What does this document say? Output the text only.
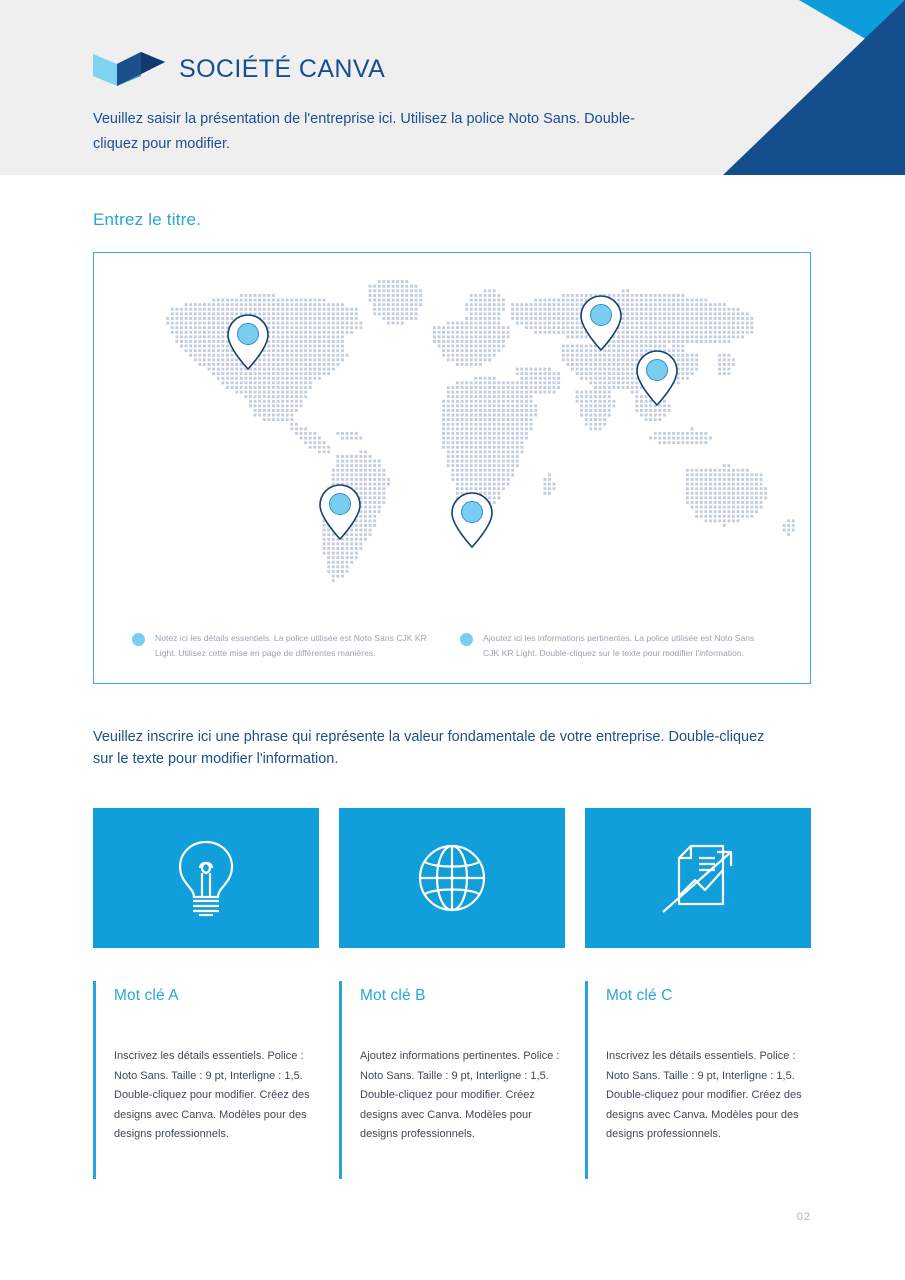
SOCIÉTÉ CANVA
Veuillez saisir la présentation de l'entreprise ici. Utilisez la police Noto Sans. Double-cliquez pour modifier.
Entrez le titre.
Notez ici les détails essentiels. La police utilisée est Noto Sans CJK KR Light. Utilisez cette mise en page de différentes manières.
Ajoutez ici les informations pertinentes. La police utilisée est Noto Sans CJK KR Light. Double-cliquez sur le texte pour modifier l'information.
Veuillez inscrire ici une phrase qui représente la valeur fondamentale de votre entreprise. Double-cliquez sur le texte pour modifier l'information.
Mot clé A
Inscrivez les détails essentiels. Police : Noto Sans. Taille : 9 pt, Interligne : 1,5. Double-cliquez pour modifier. Créez des designs avec Canva. Modèles pour des designs professionnels.
Mot clé B
Ajoutez informations pertinentes. Police : Noto Sans. Taille : 9 pt, Interligne : 1,5. Double-cliquez pour modifier. Créez designs avec Canva. Modèles pour designs professionnels.
Mot clé C
Inscrivez les détails essentiels. Police : Noto Sans. Taille : 9 pt, Interligne : 1,5. Double-cliquez pour modifier. Créez des designs avec Canva. Modèles pour des designs professionnels.
02
